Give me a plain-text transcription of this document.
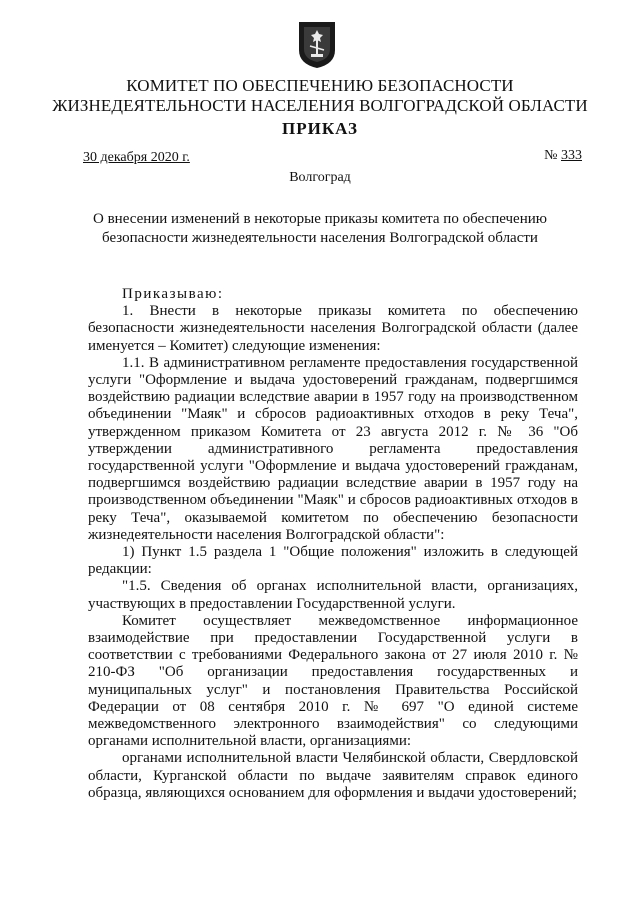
КОМИТЕТ ПО ОБЕСПЕЧЕНИЮ БЕЗОПАСНОСТИ
ЖИЗНЕДЕЯТЕЛЬНОСТИ НАСЕЛЕНИЯ ВОЛГОГРАДСКОЙ ОБЛАСТИ
ПРИКАЗ
30 декабря 2020 г.	№ 333
Волгоград
О внесении изменений в некоторые приказы комитета по обеспечению
безопасности жизнедеятельности населения Волгоградской области

Приказываю:

1. Внести в некоторые приказы комитета по обеспечению безопасности жизнедеятельности населения Волгоградской области (далее именуется – Комитет) следующие изменения:

1.1. В административном регламенте предоставления государственной услуги "Оформление и выдача удостоверений гражданам, подвергшимся воздействию радиации вследствие аварии в 1957 году на производственном объединении "Маяк" и сбросов радиоактивных отходов в реку Теча", утвержденном приказом Комитета от 23 августа 2012 г. № 36 "Об утверждении административного регламента предоставления государственной услуги "Оформление и выдача удостоверений гражданам, подвергшимся воздействию радиации вследствие аварии в 1957 году на производственном объединении "Маяк" и сбросов радиоактивных отходов в реку Теча", оказываемой комитетом по обеспечению безопасности жизнедеятельности населения Волгоградской области":

1) Пункт 1.5 раздела 1 "Общие положения" изложить в следующей редакции:

"1.5. Сведения об органах исполнительной власти, организациях, участвующих в предоставлении Государственной услуги.

Комитет осуществляет межведомственное информационное взаимодействие при предоставлении Государственной услуги в соответствии с требованиями Федерального закона от 27 июля 2010 г. № 210-ФЗ "Об организации предоставления государственных и муниципальных услуг" и постановления Правительства Российской Федерации от 08 сентября 2010 г. № 697 "О единой системе межведомственного электронного взаимодействия" со следующими органами исполнительной власти, организациями:

органами исполнительной власти Челябинской области, Свердловской области, Курганской области по выдаче заявителям справок единого образца, являющихся основанием для оформления и выдачи удостоверений;
